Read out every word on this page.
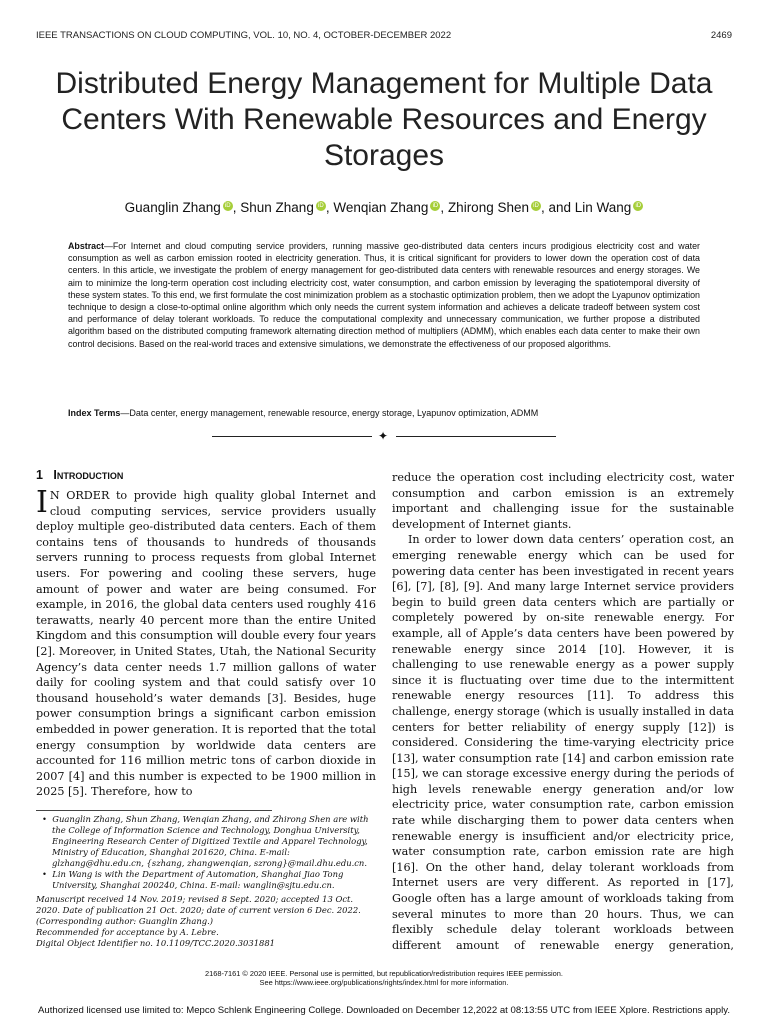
IEEE TRANSACTIONS ON CLOUD COMPUTING, VOL. 10, NO. 4, OCTOBER-DECEMBER 2022	2469
Distributed Energy Management for Multiple Data Centers With Renewable Resources and Energy Storages
Guanglin Zhang iD , Shun Zhang iD , Wenqian Zhang iD , Zhirong Shen iD , and Lin Wang iD
Abstract—For Internet and cloud computing service providers, running massive geo-distributed data centers incurs prodigious electricity cost and water consumption as well as carbon emission rooted in electricity generation. Thus, it is critical significant for providers to lower down the operation cost of data centers. In this article, we investigate the problem of energy management for geo-distributed data centers with renewable resources and energy storages. We aim to minimize the long-term operation cost including electricity cost, water consumption, and carbon emission by leveraging the spatiotemporal diversity of these system states. To this end, we first formulate the cost minimization problem as a stochastic optimization problem, then we adopt the Lyapunov optimization technique to design a close-to-optimal online algorithm which only needs the current system information and achieves a delicate tradeoff between system cost and performance of delay tolerant workloads. To reduce the computational complexity and unnecessary communication, we further propose a distributed algorithm based on the distributed computing framework alternating direction method of multipliers (ADMM), which enables each data center to make their own control decisions. Based on the real-world traces and extensive simulations, we demonstrate the effectiveness of our proposed algorithms.
Index Terms—Data center, energy management, renewable resource, energy storage, Lyapunov optimization, ADMM
✦
1 Introduction

I N ORDER to provide high quality global Internet and cloud computing services, service providers usually deploy multiple geo-distributed data centers. Each of them contains tens of thousands to hundreds of thousands servers running to process requests from global Internet users. For powering and cooling these servers, huge amount of power and water are being consumed. For example, in 2016, the global data centers used roughly 416 terawatts, nearly 40 percent more than the entire United Kingdom and this consumption will double every four years [2]. Moreover, in United States, Utah, the National Security Agency’s data center needs 1.7 million gallons of water daily for cooling system and that could satisfy over 10 thousand household’s water demands [3]. Besides, huge power consumption brings a significant carbon emission embedded in power generation. It is reported that the total energy consumption by worldwide data centers are accounted for 116 million metric tons of carbon dioxide in 2007 [4] and this number is expected to be 1900 million in 2025 [5]. Therefore, how to

reduce the operation cost including electricity cost, water consumption and carbon emission is an extremely important and challenging issue for the sustainable development of Internet giants.

In order to lower down data centers’ operation cost, an emerging renewable energy which can be used for powering data center has been investigated in recent years [6], [7], [8], [9]. And many large Internet service providers begin to build green data centers which are partially or completely powered by on-site renewable energy. For example, all of Apple’s data centers have been powered by renewable energy since 2014 [10]. However, it is challenging to use renewable energy as a power supply since it is fluctuating over time due to the intermittent renewable energy resources [11]. To address this challenge, energy storage (which is usually installed in data centers for better reliability of energy supply [12]) is considered. Considering the time-varying electricity price [13], water consumption rate [14] and carbon emission rate [15], we can storage excessive energy during the periods of high levels renewable energy generation and/or low electricity price, water consumption rate, carbon emission rate while discharging them to power data centers when renewable energy is insufficient and/or electricity price, water consumption rate, carbon emission rate are high [16]. On the other hand, delay tolerant workloads from Internet users are very different. As reported in [17], Google often has a large amount of workloads taking from several minutes to more than 20 hours. Thus, we can flexibly schedule delay tolerant workloads between different amount of renewable energy generation,

• Guanglin Zhang, Shun Zhang, Wenqian Zhang, and Zhirong Shen are with the College of Information Science and Technology, Donghua University, Engineering Research Center of Digitized Textile and Apparel Technology, Ministry of Education, Shanghai 201620, China. E-mail: glzhang@dhu.edu.cn, {szhang, zhangwenqian, szrong}@mail.dhu.edu.cn.

• Lin Wang is with the Department of Automation, Shanghai Jiao Tong University, Shanghai 200240, China. E-mail: wanglin@sjtu.edu.cn.

Manuscript received 14 Nov. 2019; revised 8 Sept. 2020; accepted 13 Oct. 2020. Date of publication 21 Oct. 2020; date of current version 6 Dec. 2022.

(Corresponding author: Guanglin Zhang.)

Recommended for acceptance by A. Lebre.

Digital Object Identifier no. 10.1109/TCC.2020.3031881

2168-7161 © 2020 IEEE. Personal use is permitted, but republication/redistribution requires IEEE permission.
See https://www.ieee.org/publications/rights/index.html for more information.
Authorized licensed use limited to: Mepco Schlenk Engineering College. Downloaded on December 12,2022 at 08:13:55 UTC from IEEE Xplore. Restrictions apply.
